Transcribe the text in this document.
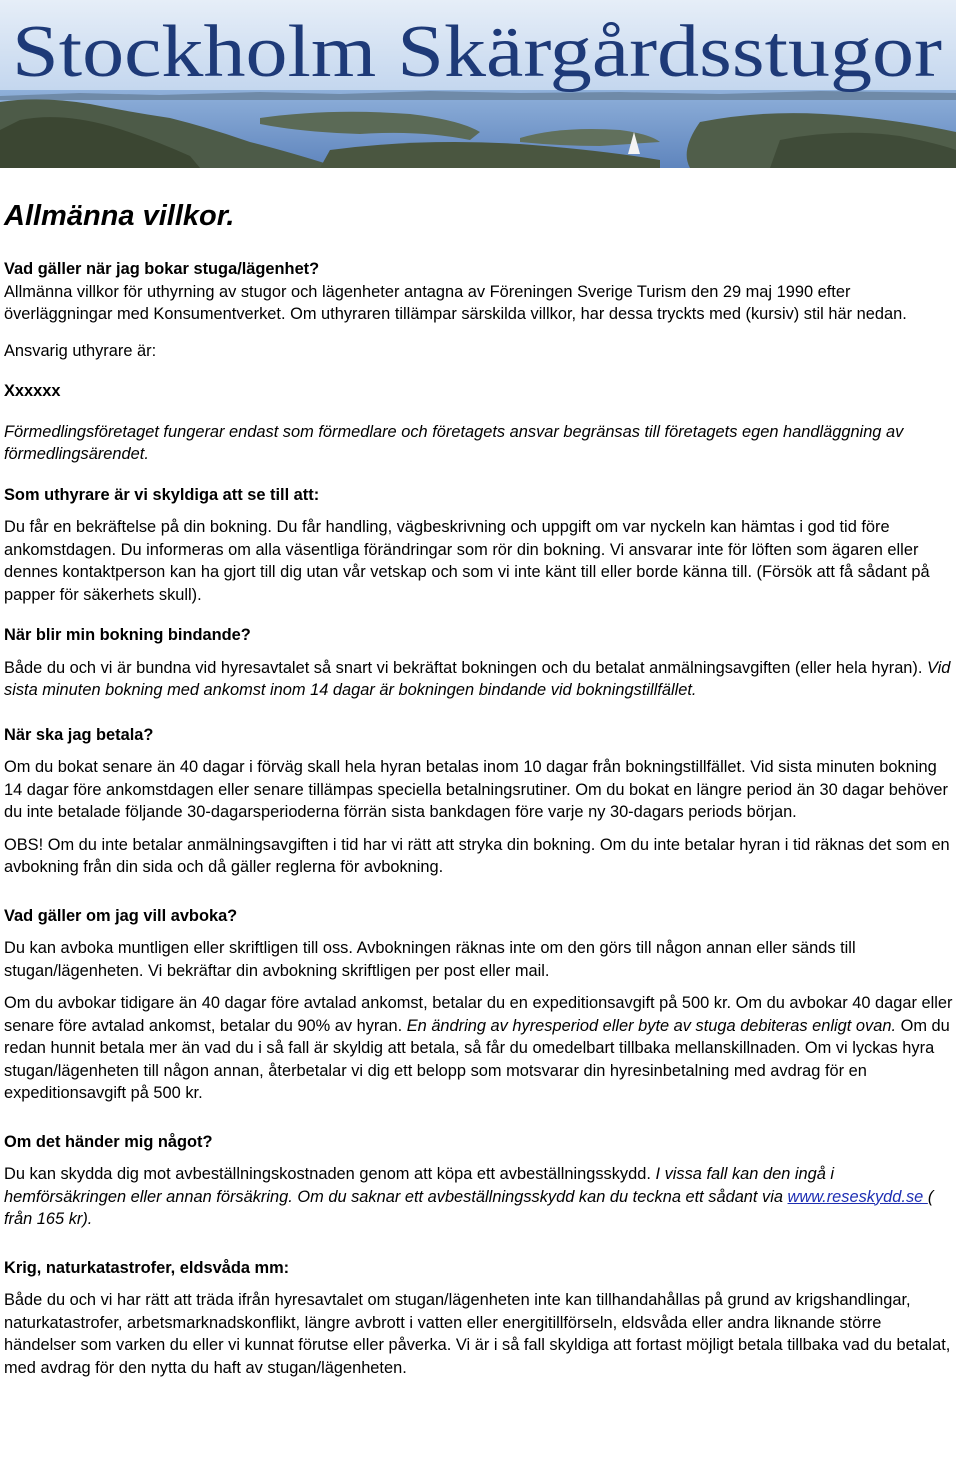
Stockholm Skärgårdsstugor

Allmänna villkor.

Vad gäller när jag bokar stuga/lägenhet?

Allmänna villkor för uthyrning av stugor och lägenheter antagna av Föreningen Sverige Turism den 29 maj 1990 efter överläggningar med Konsumentverket. Om uthyraren tillämpar särskilda villkor, har dessa tryckts med (kursiv) stil här nedan.

Ansvarig uthyrare är:

Xxxxxx

Förmedlingsföretaget fungerar endast som förmedlare och företagets ansvar begränsas till företagets egen handläggning av förmedlingsärendet.

Som uthyrare är vi skyldiga att se till att:

Du får en bekräftelse på din bokning. Du får handling, vägbeskrivning och uppgift om var nyckeln kan hämtas i god tid före ankomstdagen. Du informeras om alla väsentliga förändringar som rör din bokning. Vi ansvarar inte för löften som ägaren eller dennes kontaktperson kan ha gjort till dig utan vår vetskap och som vi inte känt till eller borde känna till. (Försök att få sådant på papper för säkerhets skull).

När blir min bokning bindande?

Både du och vi är bundna vid hyresavtalet så snart vi bekräftat bokningen och du betalat anmälningsavgiften (eller hela hyran). Vid sista minuten bokning med ankomst inom 14 dagar är bokningen bindande vid bokningstillfället.

När ska jag betala?

Om du bokat senare än 40 dagar i förväg skall hela hyran betalas inom 10 dagar från bokningstillfället. Vid sista minuten bokning 14 dagar före ankomstdagen eller senare tillämpas speciella betalningsrutiner. Om du bokat en längre period än 30 dagar behöver du inte betalade följande 30-dagarsperioderna förrän sista bankdagen före varje ny 30-dagars periods början.

OBS! Om du inte betalar anmälningsavgiften i tid har vi rätt att stryka din bokning. Om du inte betalar hyran i tid räknas det som en avbokning från din sida och då gäller reglerna för avbokning.

Vad gäller om jag vill avboka?

Du kan avboka muntligen eller skriftligen till oss. Avbokningen räknas inte om den görs till någon annan eller sänds till stugan/lägenheten. Vi bekräftar din avbokning skriftligen per post eller mail.

Om du avbokar tidigare än 40 dagar före avtalad ankomst, betalar du en expeditionsavgift på 500 kr. Om du avbokar 40 dagar eller senare före avtalad ankomst, betalar du 90% av hyran. En ändring av hyresperiod eller byte av stuga debiteras enligt ovan. Om du redan hunnit betala mer än vad du i så fall är skyldig att betala, så får du omedelbart tillbaka mellanskillnaden. Om vi lyckas hyra stugan/lägenheten till någon annan, återbetalar vi dig ett belopp som motsvarar din hyresinbetalning med avdrag för en expeditionsavgift på 500 kr.

Om det händer mig något?

Du kan skydda dig mot avbeställningskostnaden genom att köpa ett avbeställningsskydd. I vissa fall kan den ingå i hemförsäkringen eller annan försäkring. Om du saknar ett avbeställningsskydd kan du teckna ett sådant via www.reseskydd.se ( från 165 kr).

Krig, naturkatastrofer, eldsvåda mm:

Både du och vi har rätt att träda ifrån hyresavtalet om stugan/lägenheten inte kan tillhandahållas på grund av krigshandlingar, naturkatastrofer, arbetsmarknadskonflikt, längre avbrott i vatten eller energitillförseln, eldsvåda eller andra liknande större händelser som varken du eller vi kunnat förutse eller påverka. Vi är i så fall skyldiga att fortast möjligt betala tillbaka vad du betalat, med avdrag för den nytta du haft av stugan/lägenheten.
